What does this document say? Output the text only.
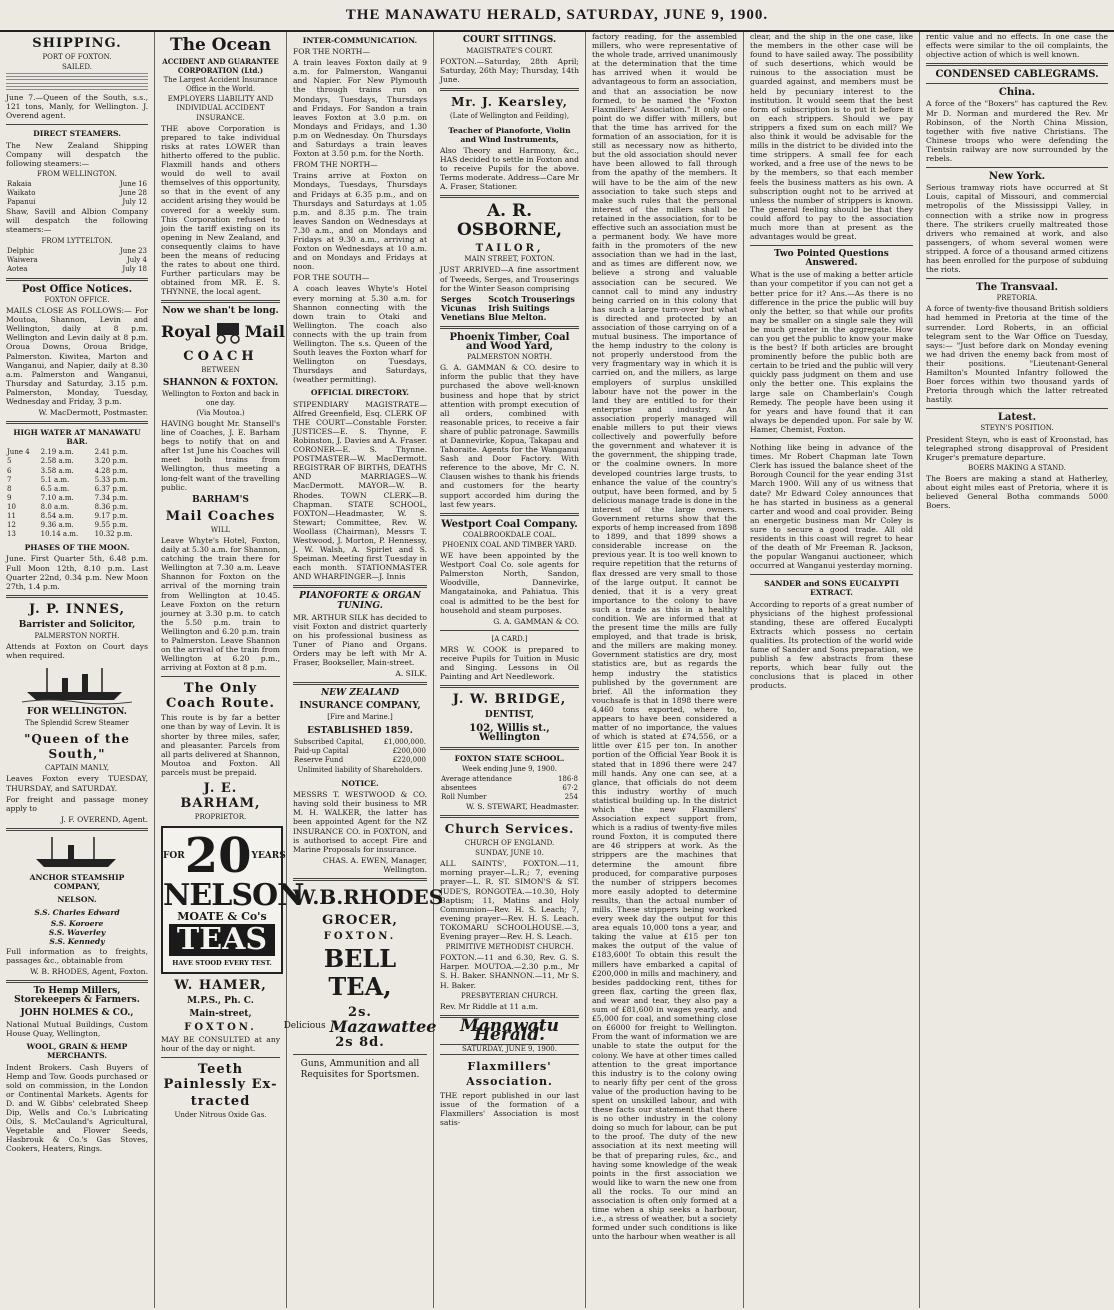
THE MANAWATU HERALD, SATURDAY, JUNE 9, 1900.
SHIPPING.
PORT OF FOXTON.
SAILED.
June 7.—Queen of the South, s.s., 121 tons, Manly, for Wellington. J. Overend agent.
DIRECT STEAMERS.
The New Zealand Shipping Company will despatch the following steamers:—
FROM WELLINGTON.
Rakaia	June 16
Waikato	June 28
Papanui	July 12
Shaw, Savill and Albion Company will despatch the following steamers:—
FROM LYTTELTON.
Delphic	June 23
Waiwera	July 4
Aotea	July 18
Post Office Notices.
FOXTON OFFICE.
MAILS CLOSE AS FOLLOWS:— For Moutoa, Shannon, Levin and Wellington, daily at 8 p.m. Wellington and Levin daily at 8 p.m. Oroua Downs, Oroua Bridge, Palmerston. Kiwitea, Marton and Wanganui, and Napier, daily at 8.30 a.m. Palmerston and Wanganui, Thursday and Saturday, 3.15 p.m. Palmerston, Monday, Tuesday, Wednesday and Friday, 3 p.m.
W. MacDermott, Postmaster.
HIGH WATER AT MANAWATU BAR.
June 4	2.19 a.m.	2.41 p.m.
5	2.58 a.m.	3.20 p.m.
6	3.58 a.m.	4.28 p.m.
7	5.1 a.m.	5.33 p.m.
8	6.5 a.m.	6.37 p.m.
9	7.10 a.m.	7.34 p.m.
10	8.0 a.m.	8.36 p.m.
11	8.54 a.m.	9.17 p.m.
12	9.36 a.m.	9.55 p.m.
13	10.14 a.m.	10.32 p.m.
PHASES OF THE MOON.
June. First Quarter 5th, 6.48 p.m. Full Moon 12th, 8.10 p.m. Last Quarter 22nd, 0.34 p.m. New Moon 27th, 1.4 p.m.
J. P. INNES,
Barrister and Solicitor,
PALMERSTON NORTH.
Attends at Foxton on Court days when required.
FOR WELLINGTON.
The Splendid Screw Steamer
"Queen of the South,"
CAPTAIN MANLY,
Leaves Foxton every TUESDAY, THURSDAY, and SATURDAY.
For freight and passage money apply to
J. F. OVEREND, Agent.
ANCHOR STEAMSHIP COMPANY,
NELSON.
S.S. Charles Edward
S.S. Koroere
S.S. Waverley
S.S. Kennedy
Full information as to freights, passages &c., obtainable from
W. B. RHODES, Agent, Foxton.
To Hemp Millers, Storekeepers & Farmers.
JOHN HOLMES & CO.,
National Mutual Buildings, Custom House Quay, Wellington,
WOOL, GRAIN & HEMP MERCHANTS.
Indent Brokers. Cash Buyers of Hemp and Tow. Goods purchased or sold on commission, in the London or Continental Markets. Agents for D. and W. Gibbs' celebrated Sheep Dip, Wells and Co.'s Lubricating Oils, S. McCauland's Agricultural, Vegetable and Flower Seeds, Hasbrouk & Co.'s Gas Stoves, Cookers, Heaters, Rings.
The Ocean
ACCIDENT AND GUARANTEE CORPORATION (Ltd.)
The Largest Accident Insurance Office in the World.
EMPLOYERS LIABILITY AND INDIVIDUAL ACCIDENT INSURANCE.
THE above Corporation is prepared to take individual risks at rates LOWER than hitherto offered to the public. Flaxmill hands and others would do well to avail themselves of this opportunity, so that in the event of any accident arising they would be covered for a weekly sum. This Corporation refused to join the tariff existing on its opening in New Zealand, and consequently claims to have been the means of reducing the rates to about one third. Further particulars may be obtained from MR. E. S. THYNNE, the local agent.
Now we shan't be long.
Royal Mail
COACH
BETWEEN
SHANNON & FOXTON.
Wellington to Foxton and back in one day.
(Via Moutoa.)
HAVING bought Mr. Stansell's line of Coaches, J. E. Barham begs to notify that on and after 1st June his Coaches will meet both trains from Wellington, thus meeting a long-felt want of the travelling public.
BARHAM'S
Mail Coaches
WILL
Leave Whyte's Hotel, Foxton, daily at 5.30 a.m. for Shannon, catching the train there for Wellington at 7.30 a.m. Leave Shannon for Foxton on the arrival of the morning train from Wellington at 10.45. Leave Foxton on the return journey at 3.30 p.m. to catch the 5.50 p.m. train to Wellington and 6.20 p.m. train to Palmerston. Leave Shannon on the arrival of the train from Wellington at 6.20 p.m., arriving at Foxton at 8 p.m.
The Only Coach Route.
This route is by far a better one than by way of Levin. It is shorter by three miles, safer, and pleasanter. Parcels from all parts delivered at Shannon, Moutoa and Foxton. All parcels must be prepaid.
J. E. BARHAM,
PROPRIETOR.
FOR 20 YEARS
NELSON
MOATE & Co's
TEAS
HAVE STOOD EVERY TEST.
W. HAMER,
M.P.S., Ph. C.
Main-street,
FOXTON.
MAY BE CONSULTED at any hour of the day or night.
Teeth Painlessly Ex-
tracted
Under Nitrous Oxide Gas.
INTER-COMMUNICATION.
FOR THE NORTH—
A train leaves Foxton daily at 9 a.m. for Palmerston, Wanganui and Napier. For New Plymouth the through trains run on Mondays, Tuesdays, Thursdays and Fridays. For Sandon a train leaves Foxton at 3.0 p.m. on Mondays and Fridays, and 1.30 p.m on Wednesday. On Thursdays and Saturdays a train leaves Foxton at 3.50 p.m. for the North.
FROM THE NORTH—
Trains arrive at Foxton on Mondays, Tuesdays, Thursdays and Fridays at 6.35 p.m., and on Thursdays and Saturdays at 1.05 p.m. and 8.35 p.m. The train leaves Sandon on Wednesdays at 7.30 a.m., and on Mondays and Fridays at 9.30 a.m., arriving at Foxton on Wednesdays at 10 a.m. and on Mondays and Fridays at noon.
FOR THE SOUTH—
A coach leaves Whyte's Hotel every morning at 5.30 a.m. for Shannon connecting with the down train to Otaki and Wellington. The coach also connects with the up train from Wellington. The s.s. Queen of the South leaves the Foxton wharf for Wellington on Tuesdays, Thursdays and Saturdays, (weather permitting).
OFFICIAL DIRECTORY.
STIPENDIARY MAGISTRATE—Alfred Greenfield, Esq. CLERK OF THE COURT—Constable Forster. JUSTICES—E. S. Thynne, F. Robinston, J. Davies and A. Fraser. CORONER—E. S. Thynne. POSTMASTER—W. MacDermott. REGISTRAR OF BIRTHS, DEATHS AND MARRIAGES—W. MacDermott. MAYOR—W. B. Rhodes. TOWN CLERK—B. Chapman. STATE SCHOOL, FOXTON—Headmaster, W. S. Stewart; Committee, Rev. W. Woollass (Chairman), Messrs T. Westwood, J. Morton, P. Hennessy, J. W. Walsh, A. Spirlet and S. Speiman. Meeting first Tuesday in each month. STATIONMASTER AND WHARFINGER—J. Innis
PIANOFORTE & ORGAN TUNING.
MR. ARTHUR SILK has decided to visit Foxton and district quarterly on his professional business as Tuner of Piano and Organs. Orders may be left with Mr A. Fraser, Bookseller, Main-street.
A. SILK.
NEW ZEALAND
INSURANCE COMPANY,
[Fire and Marine.]
ESTABLISHED 1859.
Subscribed Capital,	£1,000,000.
Paid-up Capital	£200,000
Reserve Fund	£220,000
Unlimited liability of Shareholders.
NOTICE.
MESSRS T. WESTWOOD & CO. having sold their business to MR M. H. WALKER, the latter has been appointed Agent for the NZ INSURANCE CO. in FOXTON, and is authorised to accept Fire and Marine Proposals for insurance.
CHAS. A. EWEN, Manager, Wellington.
W.B.RHODES
GROCER,
FOXTON.
BELL TEA,
2s.
Delicious Mazawattee
2s 8d.
Guns, Ammunition and all Requisites for Sportsmen.
COURT SITTINGS.
MAGISTRATE'S COURT.
FOXTON.—Saturday, 28th April; Saturday, 26th May; Thursday, 14th June.
Mr. J. Kearsley,
(Late of Wellington and Feilding),
Teacher of Pianoforte, Violin and Wind Instruments,
Also Theory and Harmony, &c., HAS decided to settle in Foxton and to receive Pupils for the above. Terms moderate. Address—Care Mr A. Fraser, Stationer.
A. R. OSBORNE,
TAILOR,
MAIN STREET, FOXTON.
JUST ARRIVED—A fine assortment of Tweeds, Serges, and Trouserings for the Winter Season comprising
Serges	Scotch Trouserings
Vicunas	Irish Suitings
Venetians	Blue Melton.
Phoenix Timber, Coal and Wood Yard,
PALMERSTON NORTH.
G. A. GAMMAN & CO. desire to inform the public that they have purchased the above well-known business and hope that by strict attention with prompt execution of all orders, combined with reasonable prices, to receive a fair share of public patronage. Sawmills at Dannevirke, Kopua, Takapau and Tahoraite. Agents for the Wanganui Sash and Door Factory. With reference to the above, Mr C. N. Clausen wishes to thank his friends and customers for the hearty support accorded him during the last few years.
Westport Coal Company.
COALBROOKDALE COAL.
PHOENIX COAL AND TIMBER YARD.
WE have been appointed by the Westport Coal Co. sole agents for Palmerston North, Sandon, Woodville, Dannevirke, Mangatainoka, and Pahiatua. This coal is admitted to be the best for household and steam purposes.
G. A. GAMMAN & CO.
[A CARD.]
MRS W. COOK is prepared to receive Pupils for Tuition in Music and Singing. Lessons in Oil Painting and Art Needlework.
J. W. BRIDGE,
DENTIST,
102, Willis st., Wellington
FOXTON STATE SCHOOL.
Week ending June 9, 1900.
Average attendance	186·8
absentees	67·2
Roll Number	254
W. S. STEWART, Headmaster.
Church Services.
CHURCH OF ENGLAND.
SUNDAY, JUNE 10.
ALL SAINTS', FOXTON.—11, morning prayer—L.R.; 7, evening prayer—L. R. ST. SIMON'S & ST. JUDE'S, RONGOTEA.—10.30, Holy Baptism; 11, Matins and Holy Communion—Rev. H. S. Leach; 7, evening prayer—Rev. H. S. Leach. TOKOMARU SCHOOLHOUSE.—3, Evening prayer—Rev. H. S. Leach.
PRIMITIVE METHODIST CHURCH.
FOXTON.—11 and 6.30, Rev. G. S. Harper. MOUTOA.—2.30 p.m., Mr S. H. Baker. SHANNON.—11, Mr S. H. Baker.
PRESBYTERIAN CHURCH.
Rev. Mr Riddle at 11 a.m.
Manawatu Herald.
SATURDAY, JUNE 9, 1900.
Flaxmillers' Association.
THE report published in our last issue of the formation of a Flaxmillers' Association is most satis-
factory reading, for the assembled millers, who were representative of the whole trade, arrived unanimously at the determination that the time has arrived when it would be advantageous to form an association, and that an association be now formed, to be named the "Foxton Flaxmillers' Association." It only one point do we differ with millers, but that the time has arrived for the formation of an association, for it is still as necessary now as hitherto, but the old association should never have been allowed to fall through from the apathy of the members. It will have to be the aim of the new association to take such steps and make such rules that the personal interest of the millers shall be retained in the association, for to be effective such an association must be a permanent body. We have more faith in the promoters of the new association than we had in the last, and as times are different now, we believe a strong and valuable association can be secured. We cannot call to mind any industry being carried on in this colony that has such a large turn-over but what is directed and protected by an association of those carrying on of a mutual business. The importance of the hemp industry to the colony is not properly understood from the very fragmentary way in which it is carried on, and the millers, as large employers of surplus unskilled labour have not the power in the land they are entitled to for their enterprise and industry. An association properly managed will enable millers to put their views collectively and powerfully before the government and whatever it is the government, the shipping trade, or the coalmine owners. In more developed countries large trusts, to enhance the value of the country's output, have been formed, and by 5 delicious manage trade is done in the interest of the large owners. Government returns show that the exports of hemp increased from 1898 to 1899, and that 1899 shows a considerable increase on the previous year. It is too well known to require repetition that the returns of flax dressed are very small to those of the large output. It cannot be denied, that it is a very great importance to the colony to have such a trade as this in a healthy condition. We are informed that at the present time the mills are fully employed, and that trade is brisk, and the millers are making money. Government statistics are dry, most statistics are, but as regards the hemp industry the statistics published by the government are brief. All the information they vouchsafe is that in 1898 there were 4,460 tons exported, where to, appears to have been considered a matter of no importance, the values of which is stated at £74,556, or a little over £15 per ton. In another portion of the Official Year Book it is stated that in 1896 there were 247 mill hands. Any one can see, at a glance, that officials do not deem this industry worthy of much statistical building up. In the district which the new Flaxmillers' Association expect support from, which is a radius of twenty-five miles round Foxton, it is computed there are 46 strippers at work. As the strippers are the machines that determine the amount fibre produced, for comparative purposes the number of strippers becomes more easily adopted to determine results, than the actual number of mills. These strippers being worked every week day the output for this area equals 10,000 tons a year, and taking the value at £15 per ton makes the output of the value of £183,600! To obtain this result the millers have embarked a capital of £200,000 in mills and machinery, and besides paddocking rent, tithes for green flax, carting the green flax, and wear and tear, they also pay a sum of £81,600 in wages yearly, and £5,000 for coal, and something close on £6000 for freight to Wellington. From the want of information we are unable to state the output for the colony. We have at other times called attention to the great importance this industry is to the colony owing to nearly fifty per cent of the gross value of the production having to be spent on unskilled labour, and with these facts our statement that there is no other industry in the colony doing so much for labour, can be put to the proof. The duty of the new association at its next meeting will be that of preparing rules, &c., and having some knowledge of the weak points in the first association we would like to warn the new one from all the rocks. To our mind an association is often only formed at a time when a ship seeks a harbour, i.e., a stress of weather, but a society formed under such conditions is like unto the harbour when weather is all
clear, and the ship in the one case, like the members in the other case will be found to have sailed away. The possibility of such desertions, which would be ruinous to the association must be guarded against, and members must be held by pecuniary interest to the institution. It would seem that the best form of subscription is to put it before it on each strippers. Should we pay strippers a fixed sum on each mill? We also think it would be advisable for the mills in the district to be divided into the time strippers. A small fee for each worked, and a free use of the news to be by the members, so that each member feels the business matters as his own. A subscription ought not to be arrived at unless the number of strippers is known. The general feeling should be that they could afford to pay to the association much more than at present as the advantages would be great.
Two Pointed Questions Answered.
What is the use of making a better article than your competitor if you can not get a better price for it? Ans.—As there is no difference in the price the public will buy only the better, so that while our profits may be smaller on a single sale they will be much greater in the aggregate. How can you get the public to know your make is the best? If both articles are brought prominently before the public both are certain to be tried and the public will very quickly pass judgment on them and use only the better one. This explains the large sale on Chamberlain's Cough Remedy. The people have been using it for years and have found that it can always be depended upon. For sale by W. Hamer, Chemist, Foxton.
Nothing like being in advance of the times. Mr Robert Chapman late Town Clerk has issued the balance sheet of the Borough Council for the year ending 31st March 1900. Will any of us witness that date? Mr Edward Coley announces that he has started in business as a general carter and wood and coal provider. Being an energetic business man Mr Coley is sure to secure a good trade. All old residents in this coast will regret to hear of the death of Mr Freeman R. Jackson, the popular Wanganui auctioneer, which occurred at Wanganui yesterday morning.
SANDER and SONS EUCALYPTI EXTRACT.
According to reports of a great number of physicians of the highest professional standing, these are offered Eucalypti Extracts which possess no certain qualities. Its protection of the world wide fame of Sander and Sons preparation, we publish a few abstracts from these reports, which bear fully out the conclusions that is placed in other products.
rentic value and no effects. In one case the effects were similar to the oil complaints, the objective action of which is well known.
CONDENSED CABLEGRAMS.
China.
A force of the "Boxers" has captured the Rev. Mr D. Norman and murdered the Rev. Mr Robinson, of the North China Mission, together with five native Christians. The Chinese troops who were defending the Tientsin railway are now surrounded by the rebels.
New York.
Serious tramway riots have occurred at St Louis, capital of Missouri, and commercial metropolis of the Mississippi Valley, in connection with a strike now in progress there. The strikers cruelly maltreated those drivers who remained at work, and also passengers, of whom several women were stripped. A force of a thousand armed citizens has been enrolled for the purpose of subduing the riots.
The Transvaal.
PRETORIA.
A force of twenty-five thousand British soldiers had hemmed in Pretoria at the time of the surrender. Lord Roberts, in an official telegram sent to the War Office on Tuesday, says:— "Just before dark on Monday evening we had driven the enemy back from most of their positions. "Lieutenant-General Hamilton's Mounted Infantry followed the Boer forces within two thousand yards of Pretoria through which the latter retreated hastily.
Latest.
STEYN'S POSITION.
President Steyn, who is east of Kroonstad, has telegraphed strong disapproval of President Kruger's premature departure.
BOERS MAKING A STAND.
The Boers are making a stand at Hatherley, about eight miles east of Pretoria, where it is believed General Botha commands 5000 Boers.
